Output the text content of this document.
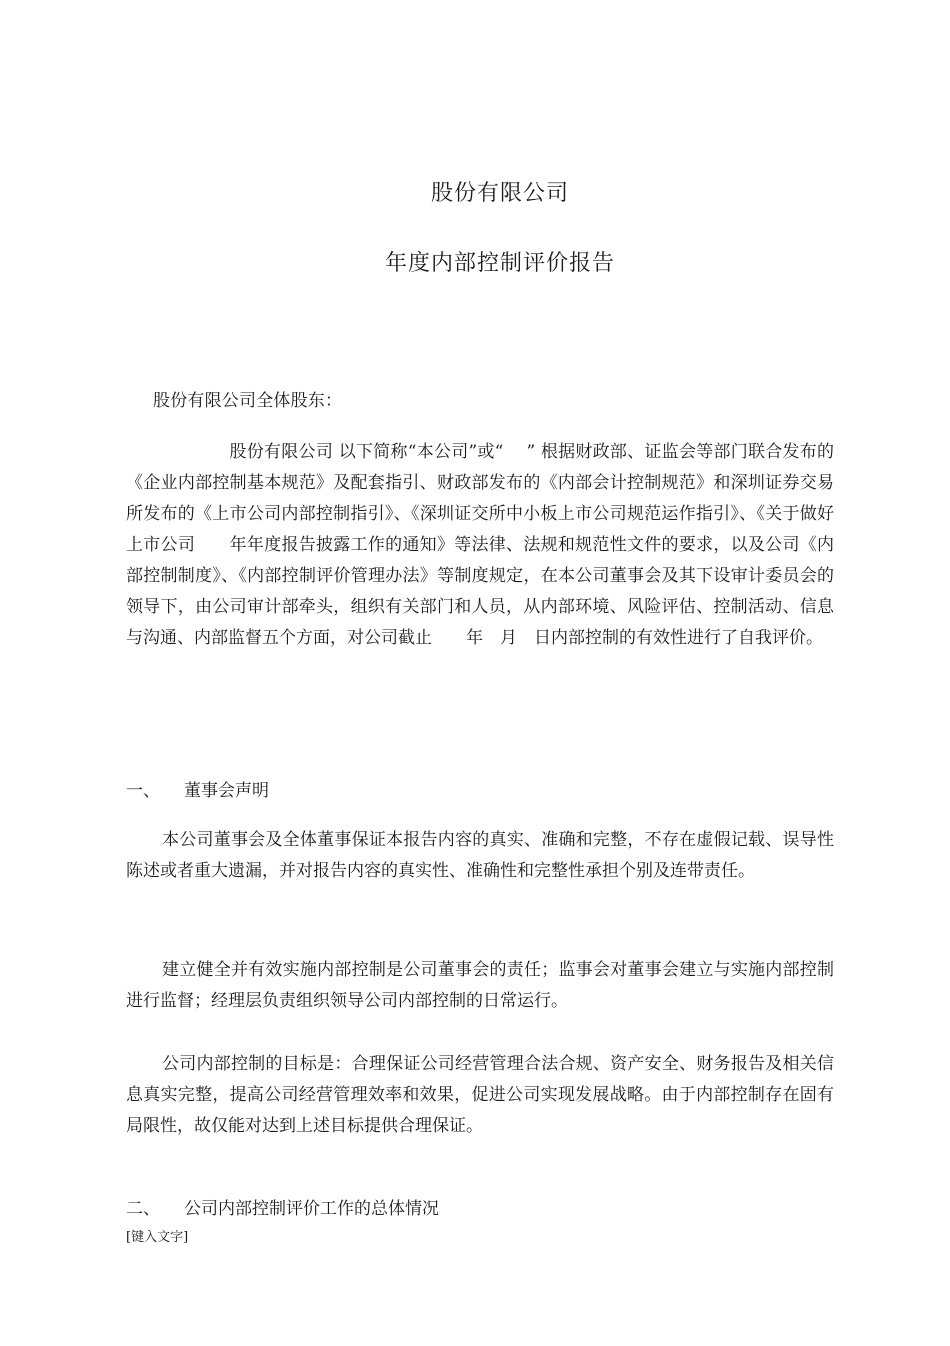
股份有限公司
年度内部控制评价报告
股份有限公司全体股东：
　　　　　　股份有限公司 以下简称“本公司”或“　 ” 根据财政部、证监会等部门联合发布的《企业内部控制基本规范》及配套指引、财政部发布的《内部会计控制规范》和深圳证券交易所发布的《上市公司内部控制指引》、《深圳证交所中小板上市公司规范运作指引》、《关于做好上市公司　　年年度报告披露工作的通知》等法律、法规和规范性文件的要求，以及公司《内部控制制度》、《内部控制评价管理办法》等制度规定，在本公司董事会及其下设审计委员会的领导下，由公司审计部牵头，组织有关部门和人员，从内部环境、风险评估、控制活动、信息与沟通、内部监督五个方面，对公司截止　　年　月　日内部控制的有效性进行了自我评价。
一、 董事会声明
本公司董事会及全体董事保证本报告内容的真实、准确和完整，不存在虚假记载、误导性陈述或者重大遗漏，并对报告内容的真实性、准确性和完整性承担个别及连带责任。
建立健全并有效实施内部控制是公司董事会的责任；监事会对董事会建立与实施内部控制进行监督；经理层负责组织领导公司内部控制的日常运行。
公司内部控制的目标是：合理保证公司经营管理合法合规、资产安全、财务报告及相关信息真实完整，提高公司经营管理效率和效果，促进公司实现发展战略。由于内部控制存在固有局限性，故仅能对达到上述目标提供合理保证。
二、 公司内部控制评价工作的总体情况
[键入文字]
